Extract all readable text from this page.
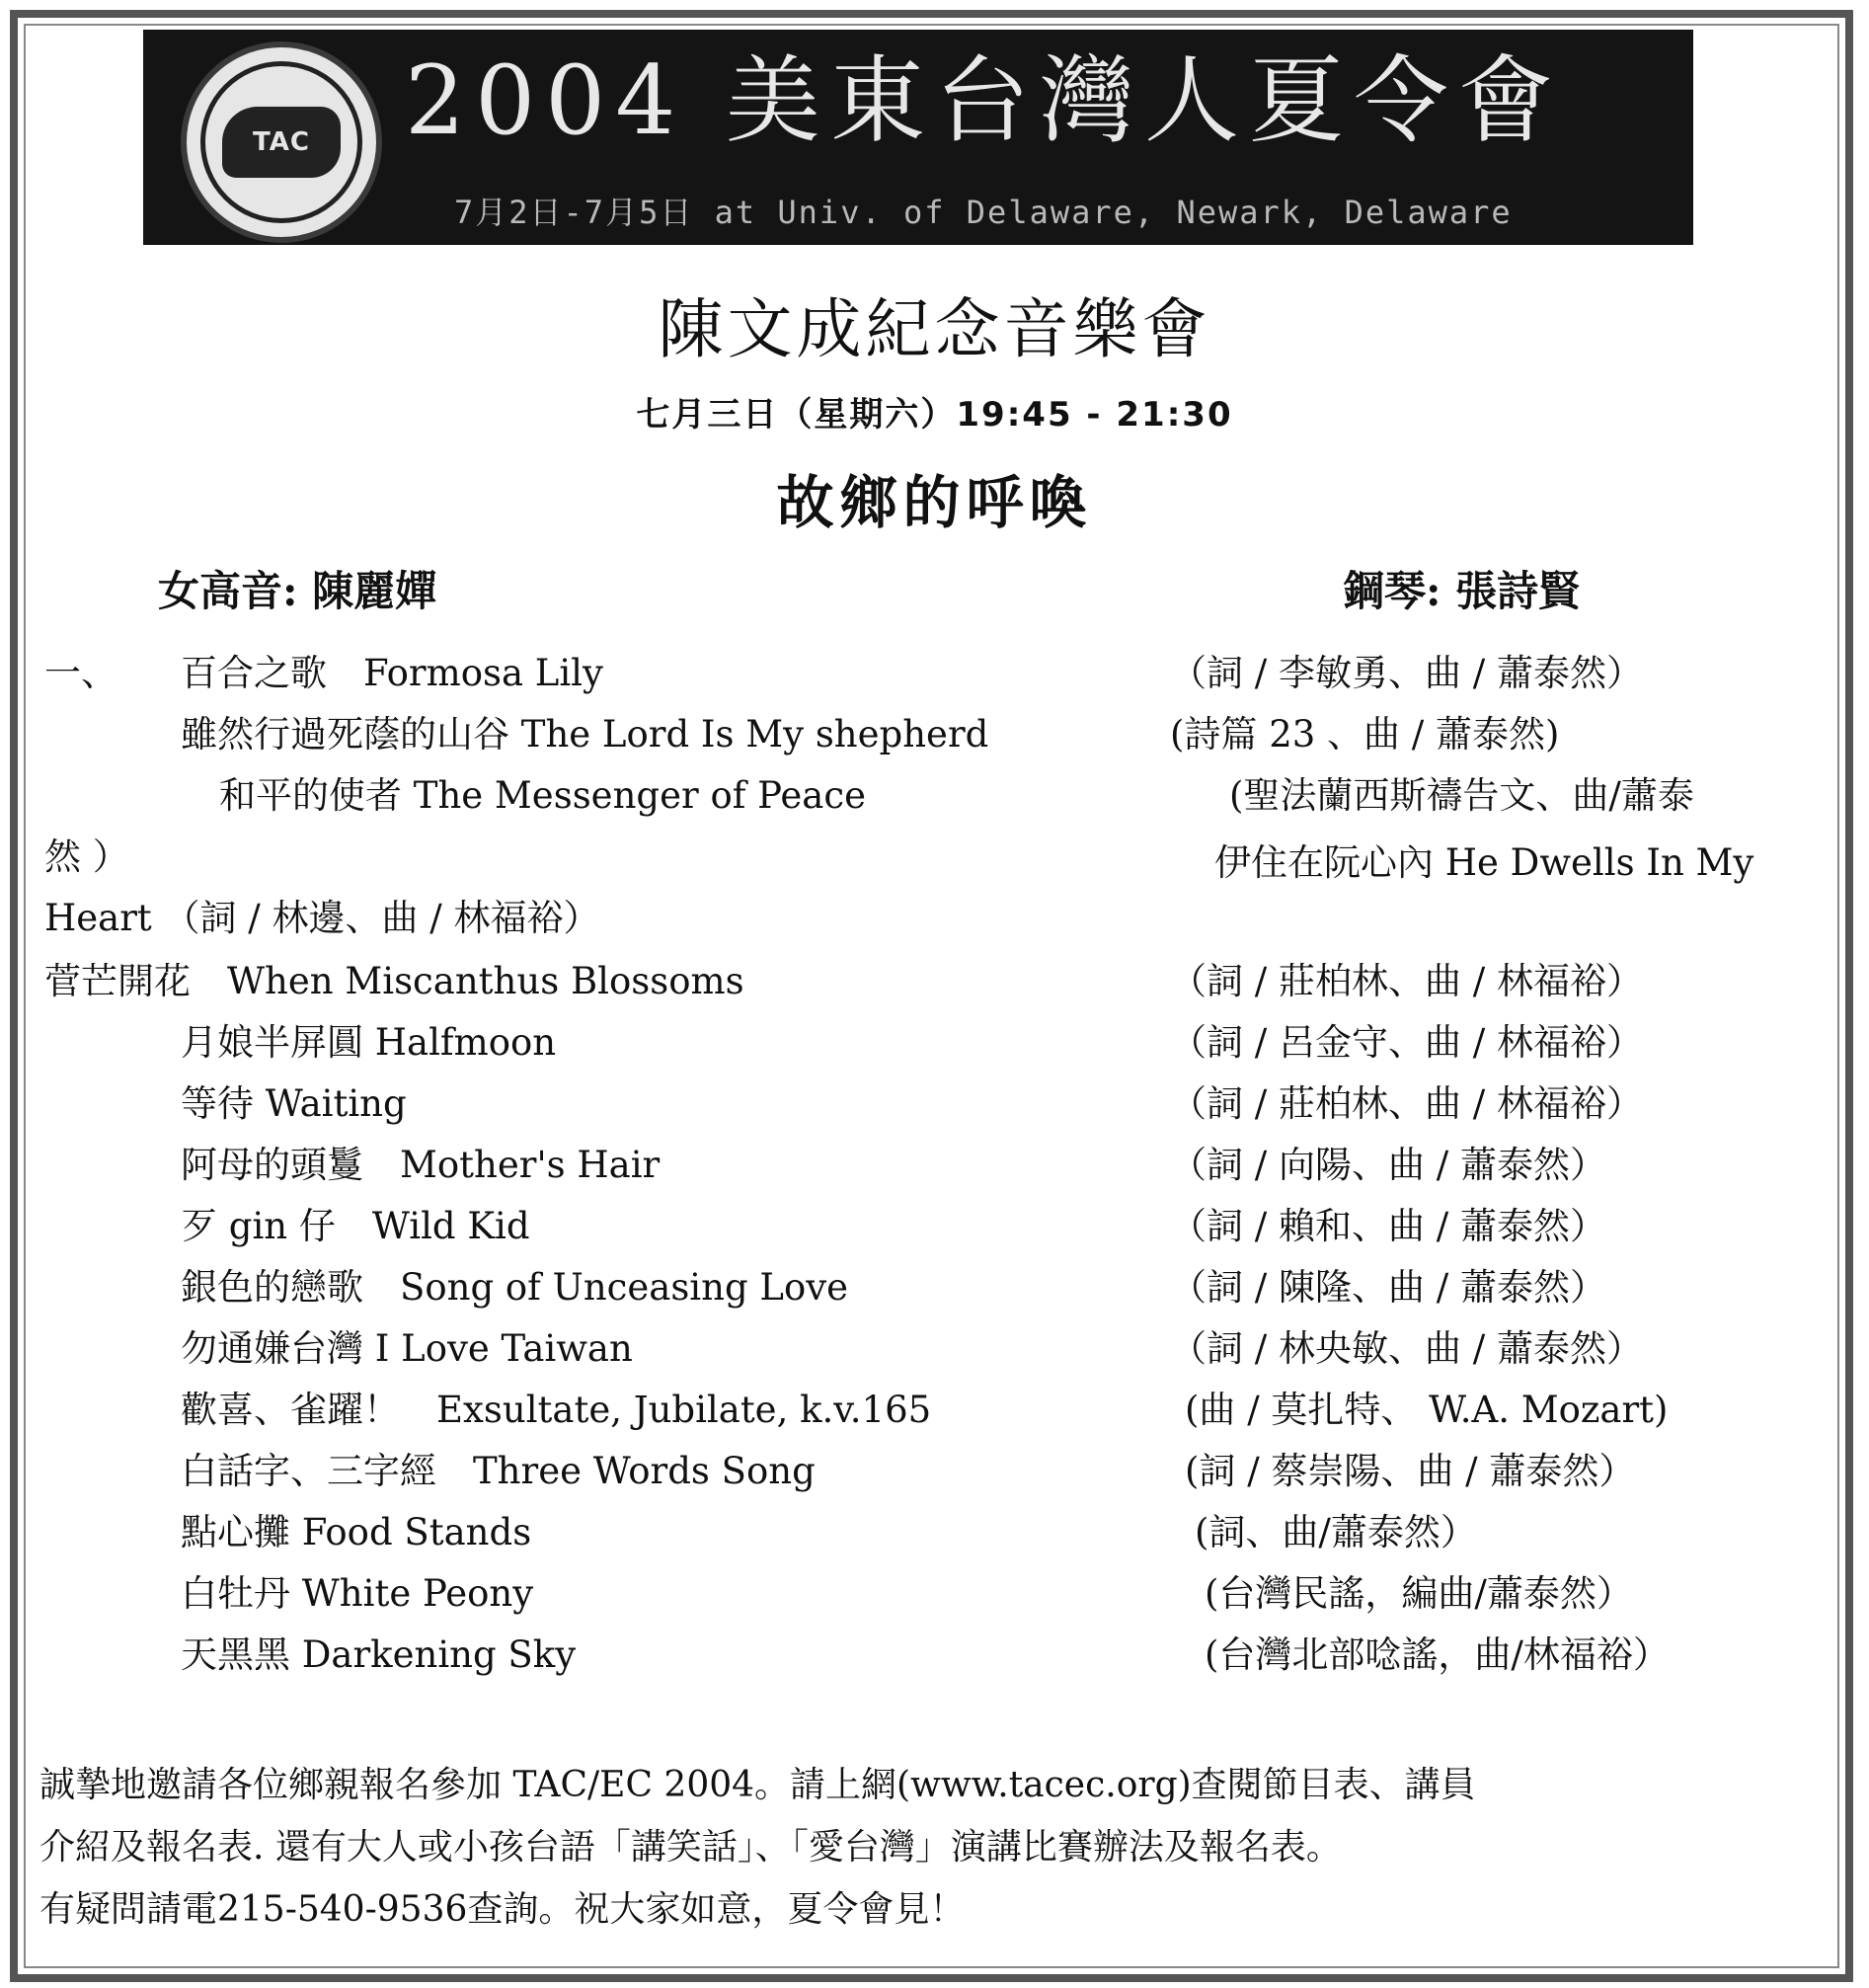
TAC 2004 美東台灣人夏令會
7月2日-7月5日 at Univ. of Delaware, Newark, Delaware
陳文成紀念音樂會
七月三日（星期六）19:45 - 21:30
故鄉的呼喚
女高音: 陳麗嬋	鋼琴: 張詩賢
一、 百合之歌　Formosa Lily
雖然行過死蔭的山谷 The Lord Is My shepherd
和平的使者 The Messenger of Peace
然 ）	伊住在阮心內 He Dwells In My
Heart （詞 / 林邊、曲 / 林福裕）
菅芒開花　When Miscanthus Blossoms
月娘半屏圓 Halfmoon
等待 Waiting
阿母的頭鬘　Mother's Hair
歹 gin 仔　Wild Kid
銀色的戀歌　Song of Unceasing Love
勿通嫌台灣 I Love Taiwan
歡喜、雀躍！　Exsultate, Jubilate, k.v.165
白話字、三字經　Three Words Song
點心攤 Food Stands
白牡丹 White Peony
天黑黑 Darkening Sky
（詞 / 李敏勇、曲 / 蕭泰然）
(詩篇 23 、曲 / 蕭泰然)
(聖法蘭西斯禱告文、曲/蕭泰
（詞 / 莊柏林、曲 / 林福裕）
（詞 / 呂金守、曲 / 林福裕）
（詞 / 莊柏林、曲 / 林福裕）
（詞 / 向陽、曲 / 蕭泰然）
（詞 / 賴和、曲 / 蕭泰然）
（詞 / 陳隆、曲 / 蕭泰然）
（詞 / 林央敏、曲 / 蕭泰然）
(曲 / 莫扎特、 W.A. Mozart)
(詞 / 蔡崇陽、曲 / 蕭泰然）
(詞、曲/蕭泰然）
(台灣民謠，編曲/蕭泰然）
(台灣北部唸謠，曲/林福裕）
誠摯地邀請各位鄉親報名參加 TAC/EC 2004。請上網(www.tacec.org)查閱節目表、講員
介紹及報名表. 還有大人或小孩台語「講笑話」、「愛台灣」演講比賽辦法及報名表。
有疑問請電215-540-9536查詢。祝大家如意，夏令會見！
